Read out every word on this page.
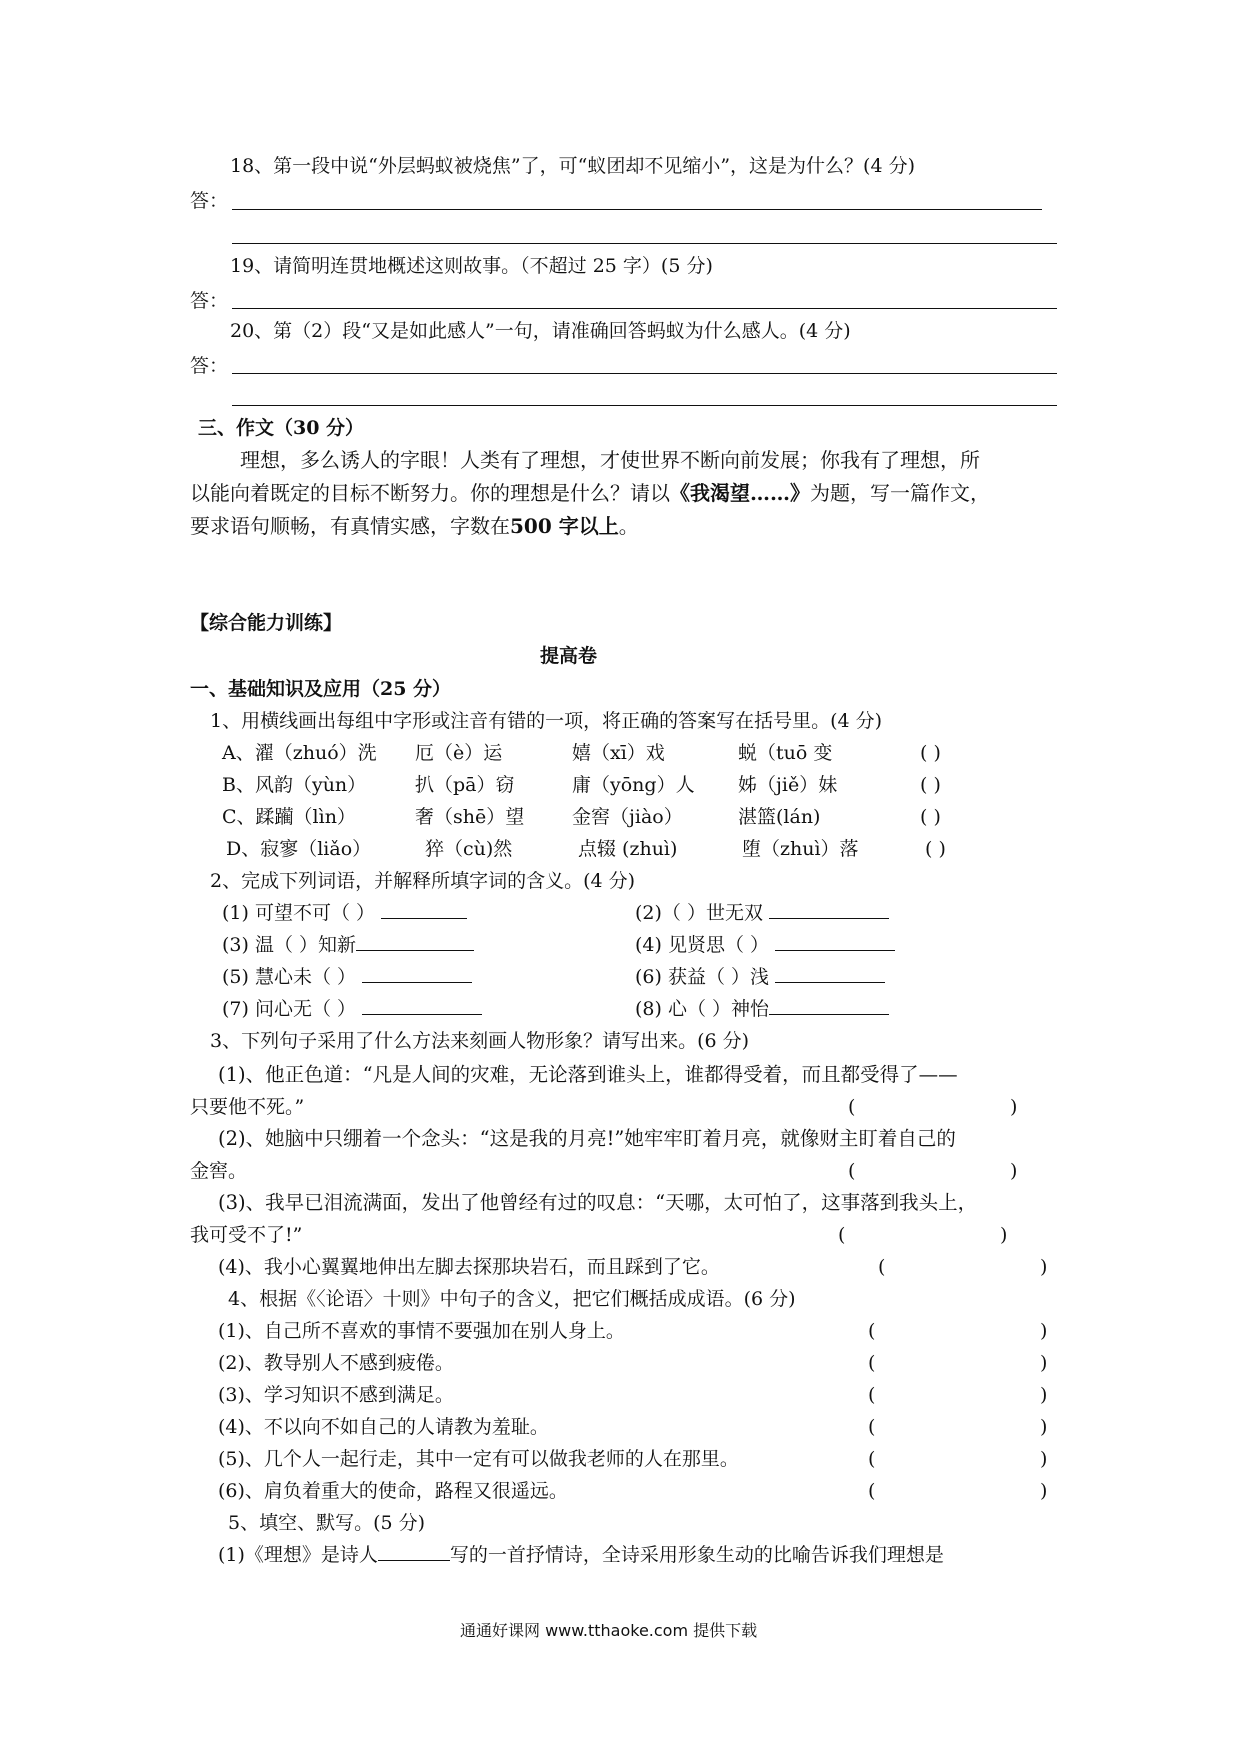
18、第一段中说“外层蚂蚁被烧焦”了，可“蚁团却不见缩小”，这是为什么？(4 分)
答：
19、请简明连贯地概述这则故事。（不超过 25 字）(5 分)
答：
20、第（2）段“又是如此感人”一句，请准确回答蚂蚁为什么感人。(4 分)
答：
三、作文（30 分）
理想，多么诱人的字眼！人类有了理想，才使世界不断向前发展；你我有了理想，所
以能向着既定的目标不断努力。你的理想是什么？请以《我渴望……》为题，写一篇作文，
要求语句顺畅，有真情实感，字数在500 字以上。
【综合能力训练】
提高卷
一、基础知识及应用（25 分）
1、用横线画出每组中字形或注音有错的一项，将正确的答案写在括号里。(4 分)
A、濯（zhuó）洗 厄（è）运	嬉（xī）戏	蜕（tuō 变	( )
B、风韵（yùn）	扒（pā）窃	庸（yōng）人 姊（jiě）妹	( )
C、蹂躏（lìn）	奢（shē）望	金窖（jiào）	湛篮(lán)	( )
D、寂寥（liǎo）	猝（cù)然	点辍 (zhuì)	堕（zhuì）落	( )
2、完成下列词语，并解释所填字词的含义。(4 分)
(1) 可望不可（ ）	(2)（ ）世无双
(3) 温（ ）知新	(4) 见贤思（ ）
(5) 慧心未（ ）	(6) 获益（ ）浅
(7) 问心无（ ）	(8) 心（ ）神怡
3、下列句子采用了什么方法来刻画人物形象？请写出来。(6 分)
(1)、他正色道：“凡是人间的灾难，无论落到谁头上，谁都得受着，而且都受得了——
只要他不死。”	(	)
(2)、她脑中只绷着一个念头：“这是我的月亮!”她牢牢盯着月亮，就像财主盯着自己的
金窖。	(	)
(3)、我早已泪流满面，发出了他曾经有过的叹息：“天哪，太可怕了，这事落到我头上，
我可受不了!”	(	)
(4)、我小心翼翼地伸出左脚去探那块岩石，而且踩到了它。	(	)
4、根据《〈论语〉十则》中句子的含义，把它们概括成成语。(6 分)
(1)、自己所不喜欢的事情不要强加在别人身上。	(	)
(2)、教导别人不感到疲倦。	(	)
(3)、学习知识不感到满足。	(	)
(4)、不以向不如自己的人请教为羞耻。	(	)
(5)、几个人一起行走，其中一定有可以做我老师的人在那里。	(	)
(6)、肩负着重大的使命，路程又很遥远。	(	)
5、填空、默写。(5 分)
(1)《理想》是诗人	写的一首抒情诗，全诗采用形象生动的比喻告诉我们理想是
通通好课网 www.tthaoke.com 提供下载
